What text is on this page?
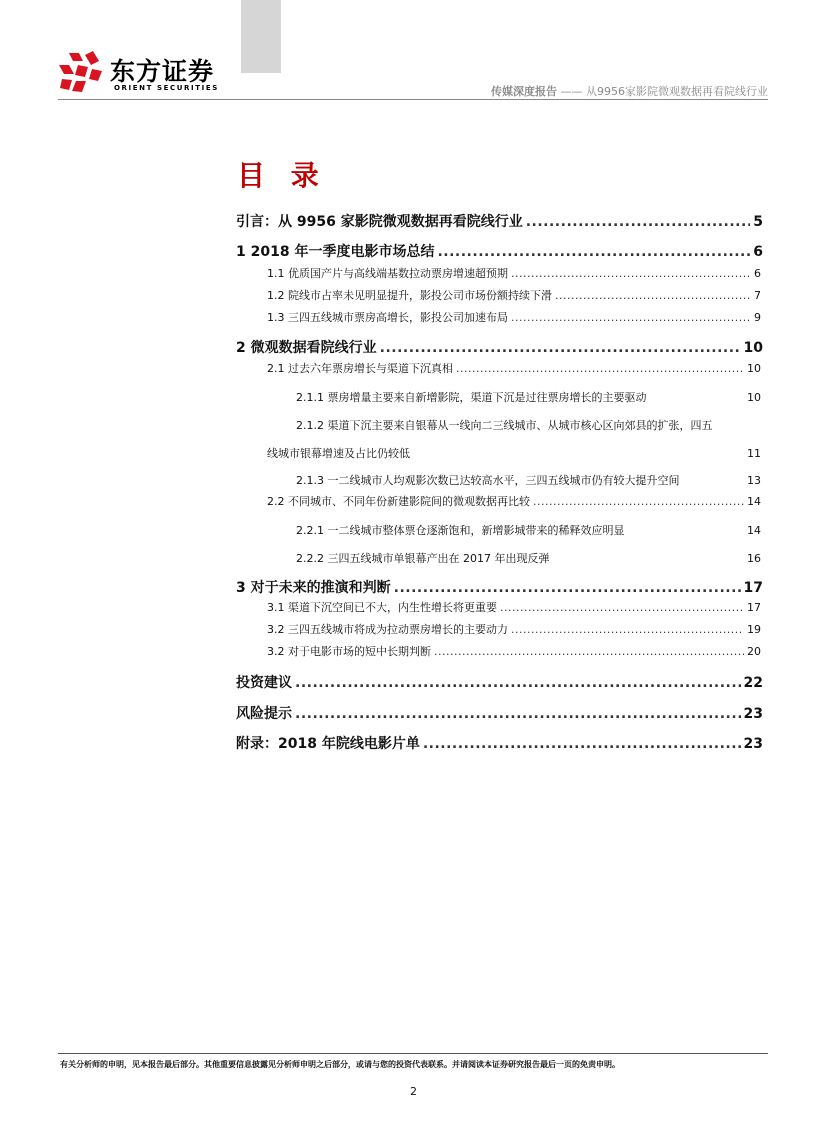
东方证券
ORIENT SECURITIES	传媒深度报告 —— 从9956家影院微观数据再看院线行业
目 录
引言：从 9956 家影院微观数据再看院线行业 .....	5
1 2018 年一季度电影市场总结 .....	6
1.1 优质国产片与高线端基数拉动票房增速超预期 .....	6
1.2 院线市占率未见明显提升，影投公司市场份额持续下滑 .....	7
1.3 三四五线城市票房高增长，影投公司加速布局 .....	9
2 微观数据看院线行业 .....	10
2.1 过去六年票房增长与渠道下沉真相 .....	10
2.1.1 票房增量主要来自新增影院，渠道下沉是过往票房增长的主要驱动	10
2.1.2 渠道下沉主要来自银幕从一线向二三线城市、从城市核心区向郊县的扩张，四五
线城市银幕增速及占比仍较低	11
2.1.3 一二线城市人均观影次数已达较高水平，三四五线城市仍有较大提升空间	13
2.2 不同城市、不同年份新建影院间的微观数据再比较 .....	14
2.2.1 一二线城市整体票仓逐渐饱和，新增影城带来的稀释效应明显	14
2.2.2 三四五线城市单银幕产出在 2017 年出现反弹	16
3 对于未来的推演和判断 .....	17
3.1 渠道下沉空间已不大，内生性增长将更重要 .....	17
3.2 三四五线城市将成为拉动票房增长的主要动力 .....	19
3.2 对于电影市场的短中长期判断 .....	20
投资建议 .....	22
风险提示 .....	23
附录：2018 年院线电影片单 .....	23
有关分析师的申明，见本报告最后部分。其他重要信息披露见分析师申明之后部分，或请与您的投资代表联系。并请阅读本证券研究报告最后一页的免责申明。
2
